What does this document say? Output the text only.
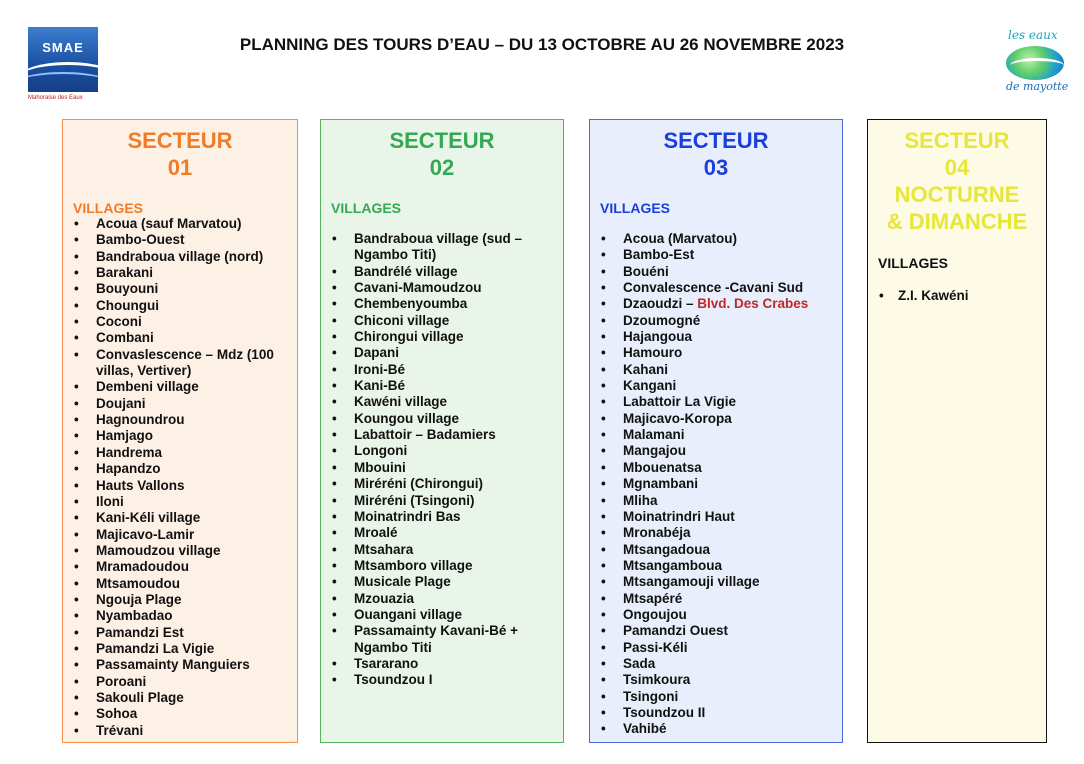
SMAE
Mahoraise des Eaux
PLANNING DES TOURS D’EAU – DU 13 OCTOBRE AU 26 NOVEMBRE 2023	les eaux
de mayotte
SECTEUR
01
VILLAGES
• Acoua (sauf Marvatou)
• Bambo-Ouest
• Bandraboua village (nord)
• Barakani
• Bouyouni
• Choungui
• Coconi
• Combani
• Convaslescence – Mdz (100 villas, Vertiver)
• Dembeni village
• Doujani
• Hagnoundrou
• Hamjago
• Handrema
• Hapandzo
• Hauts Vallons
• Iloni
• Kani-Kéli village
• Majicavo-Lamir
• Mamoudzou village
• Mramadoudou
• Mtsamoudou
• Ngouja Plage
• Nyambadao
• Pamandzi Est
• Pamandzi La Vigie
• Passamainty Manguiers
• Poroani
• Sakouli Plage
• Sohoa
• Trévani
SECTEUR
02
VILLAGES
• Bandraboua village (sud – Ngambo Titi)
• Bandrélé village
• Cavani-Mamoudzou
• Chembenyoumba
• Chiconi village
• Chirongui village
• Dapani
• Ironi-Bé
• Kani-Bé
• Kawéni village
• Koungou village
• Labattoir – Badamiers
• Longoni
• Mbouini
• Miréréni (Chirongui)
• Miréréni (Tsingoni)
• Moinatrindri Bas
• Mroalé
• Mtsahara
• Mtsamboro village
• Musicale Plage
• Mzouazia
• Ouangani village
• Passamainty Kavani-Bé + Ngambo Titi
• Tsararano
• Tsoundzou I
SECTEUR
03
VILLAGES
• Acoua (Marvatou)
• Bambo-Est
• Bouéni
• Convalescence -Cavani Sud
• Dzaoudzi – Blvd. Des Crabes
• Dzoumogné
• Hajangoua
• Hamouro
• Kahani
• Kangani
• Labattoir La Vigie
• Majicavo-Koropa
• Malamani
• Mangajou
• Mbouenatsa
• Mgnambani
• Mliha
• Moinatrindri Haut
• Mronabéja
• Mtsangadoua
• Mtsangamboua
• Mtsangamouji village
• Mtsapéré
• Ongoujou
• Pamandzi Ouest
• Passi-Kéli
• Sada
• Tsimkoura
• Tsingoni
• Tsoundzou II
• Vahibé
SECTEUR
04
NOCTURNE
& DIMANCHE
VILLAGES
• Z.I. Kawéni
